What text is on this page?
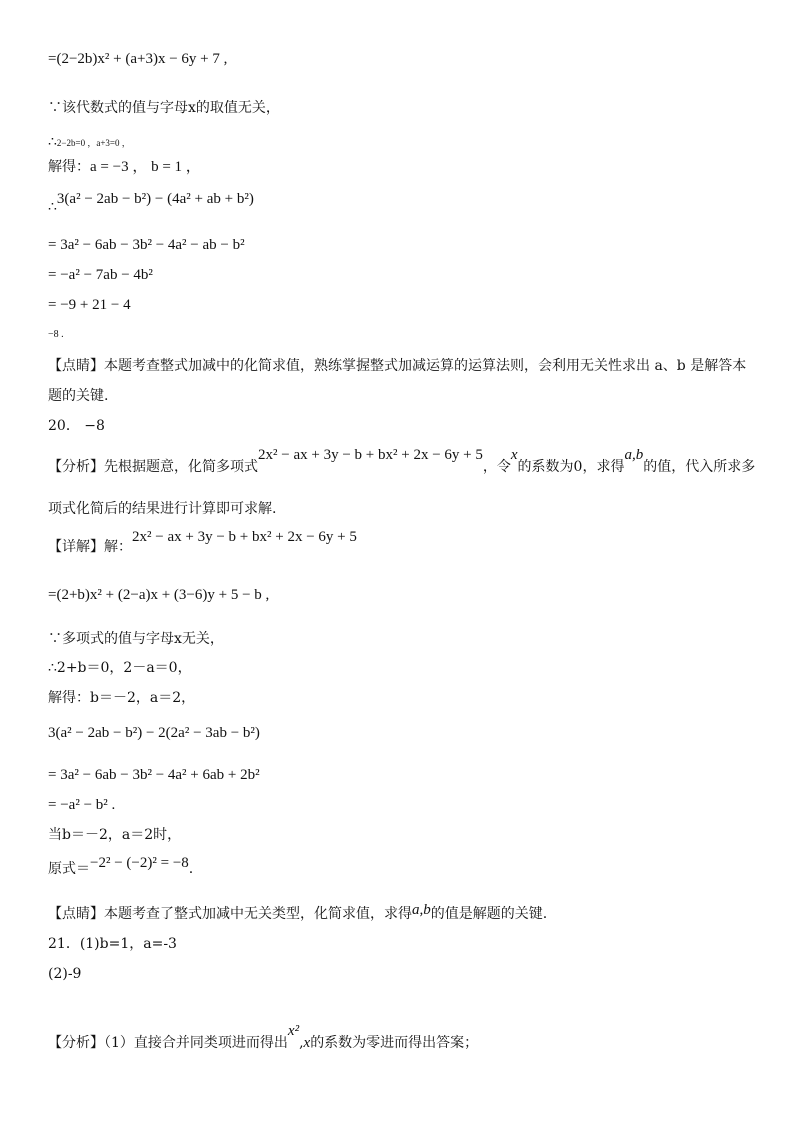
=(2−2b)x² + (a+3)x − 6y + 7 ,
∵该代数式的值与字母x的取值无关，
∴2−2b=0 ，a+3=0 ，
解得：a = −3 ， b = 1 ，
∴3(a² − 2ab − b²) − (4a² + ab + b²)
= 3a² − 6ab − 3b² − 4a² − ab − b²
= −a² − 7ab − 4b²
= −9 + 21 − 4
−8 .
【点睛】本题考查整式加减中的化简求值，熟练掌握整式加减运算的运算法则，会利用无关性求出 a、b 是解答本
题的关键.
20． −8
【分析】先根据题意，化简多项式2x² − ax + 3y − b + bx² + 2x − 6y + 5，令x的系数为0，求得a,b的值，代入所求多
项式化简后的结果进行计算即可求解.
【详解】解：2x² − ax + 3y − b + bx² + 2x − 6y + 5
=(2+b)x² + (2−a)x + (3−6)y + 5 − b ,
∵多项式的值与字母x无关，
∴2+b＝0，2－a＝0，
解得：b＝－2，a＝2，
3(a² − 2ab − b²) − 2(2a² − 3ab − b²)
= 3a² − 6ab − 3b² − 4a² + 6ab + 2b²
= −a² − b² .
当b＝－2，a＝2时，
原式＝−2² − (−2)² = −8.
【点睛】本题考查了整式加减中无关类型，化简求值，求得a,b的值是解题的关键.
21．(1)b=1，a=-3
(2)-9
【分析】（1）直接合并同类项进而得出x²,x的系数为零进而得出答案；
